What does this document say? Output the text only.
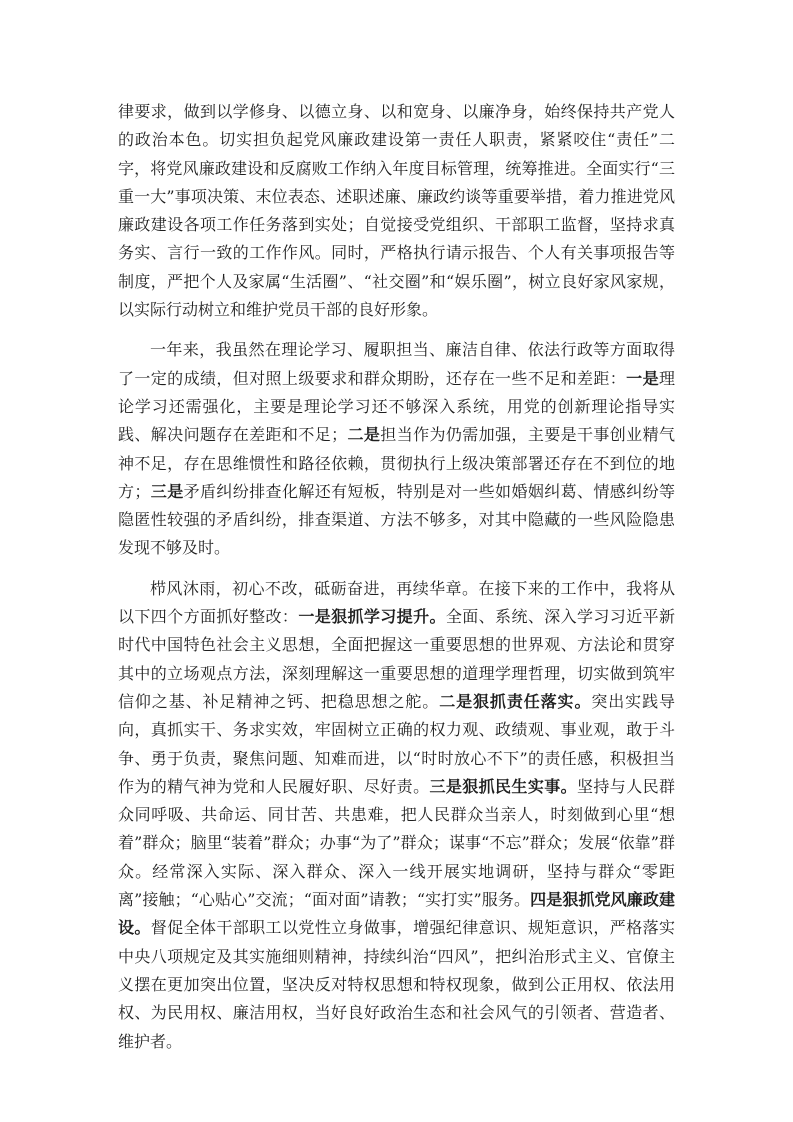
律要求，做到以学修身、以德立身、以和宽身、以廉净身，始终保持共产党人的政治本色。切实担负起党风廉政建设第一责任人职责，紧紧咬住“责任”二字，将党风廉政建设和反腐败工作纳入年度目标管理，统筹推进。全面实行“三重一大”事项决策、末位表态、述职述廉、廉政约谈等重要举措，着力推进党风廉政建设各项工作任务落到实处；自觉接受党组织、干部职工监督，坚持求真务实、言行一致的工作作风。同时，严格执行请示报告、个人有关事项报告等制度，严把个人及家属“生活圈”、“社交圈”和“娱乐圈”，树立良好家风家规，以实际行动树立和维护党员干部的良好形象。

一年来，我虽然在理论学习、履职担当、廉洁自律、依法行政等方面取得了一定的成绩，但对照上级要求和群众期盼，还存在一些不足和差距：一是理论学习还需强化，主要是理论学习还不够深入系统，用党的创新理论指导实践、解决问题存在差距和不足；二是担当作为仍需加强，主要是干事创业精气神不足，存在思维惯性和路径依赖，贯彻执行上级决策部署还存在不到位的地方；三是矛盾纠纷排查化解还有短板，特别是对一些如婚姻纠葛、情感纠纷等隐匿性较强的矛盾纠纷，排查渠道、方法不够多，对其中隐藏的一些风险隐患发现不够及时。

栉风沐雨，初心不改，砥砺奋进，再续华章。在接下来的工作中，我将从以下四个方面抓好整改：一是狠抓学习提升。全面、系统、深入学习习近平新时代中国特色社会主义思想，全面把握这一重要思想的世界观、方法论和贯穿其中的立场观点方法，深刻理解这一重要思想的道理学理哲理，切实做到筑牢信仰之基、补足精神之钙、把稳思想之舵。二是狠抓责任落实。突出实践导向，真抓实干、务求实效，牢固树立正确的权力观、政绩观、事业观，敢于斗争、勇于负责，聚焦问题、知难而进，以“时时放心不下”的责任感，积极担当作为的精气神为党和人民履好职、尽好责。三是狠抓民生实事。坚持与人民群众同呼吸、共命运、同甘苦、共患难，把人民群众当亲人，时刻做到心里“想着”群众；脑里“装着”群众；办事“为了”群众；谋事“不忘”群众；发展“依靠”群众。经常深入实际、深入群众、深入一线开展实地调研，坚持与群众“零距离”接触；“心贴心”交流；“面对面”请教；“实打实”服务。四是狠抓党风廉政建设。督促全体干部职工以党性立身做事，增强纪律意识、规矩意识，严格落实中央八项规定及其实施细则精神，持续纠治“四风”，把纠治形式主义、官僚主义摆在更加突出位置，坚决反对特权思想和特权现象，做到公正用权、依法用权、为民用权、廉洁用权，当好良好政治生态和社会风气的引领者、营造者、维护者。
